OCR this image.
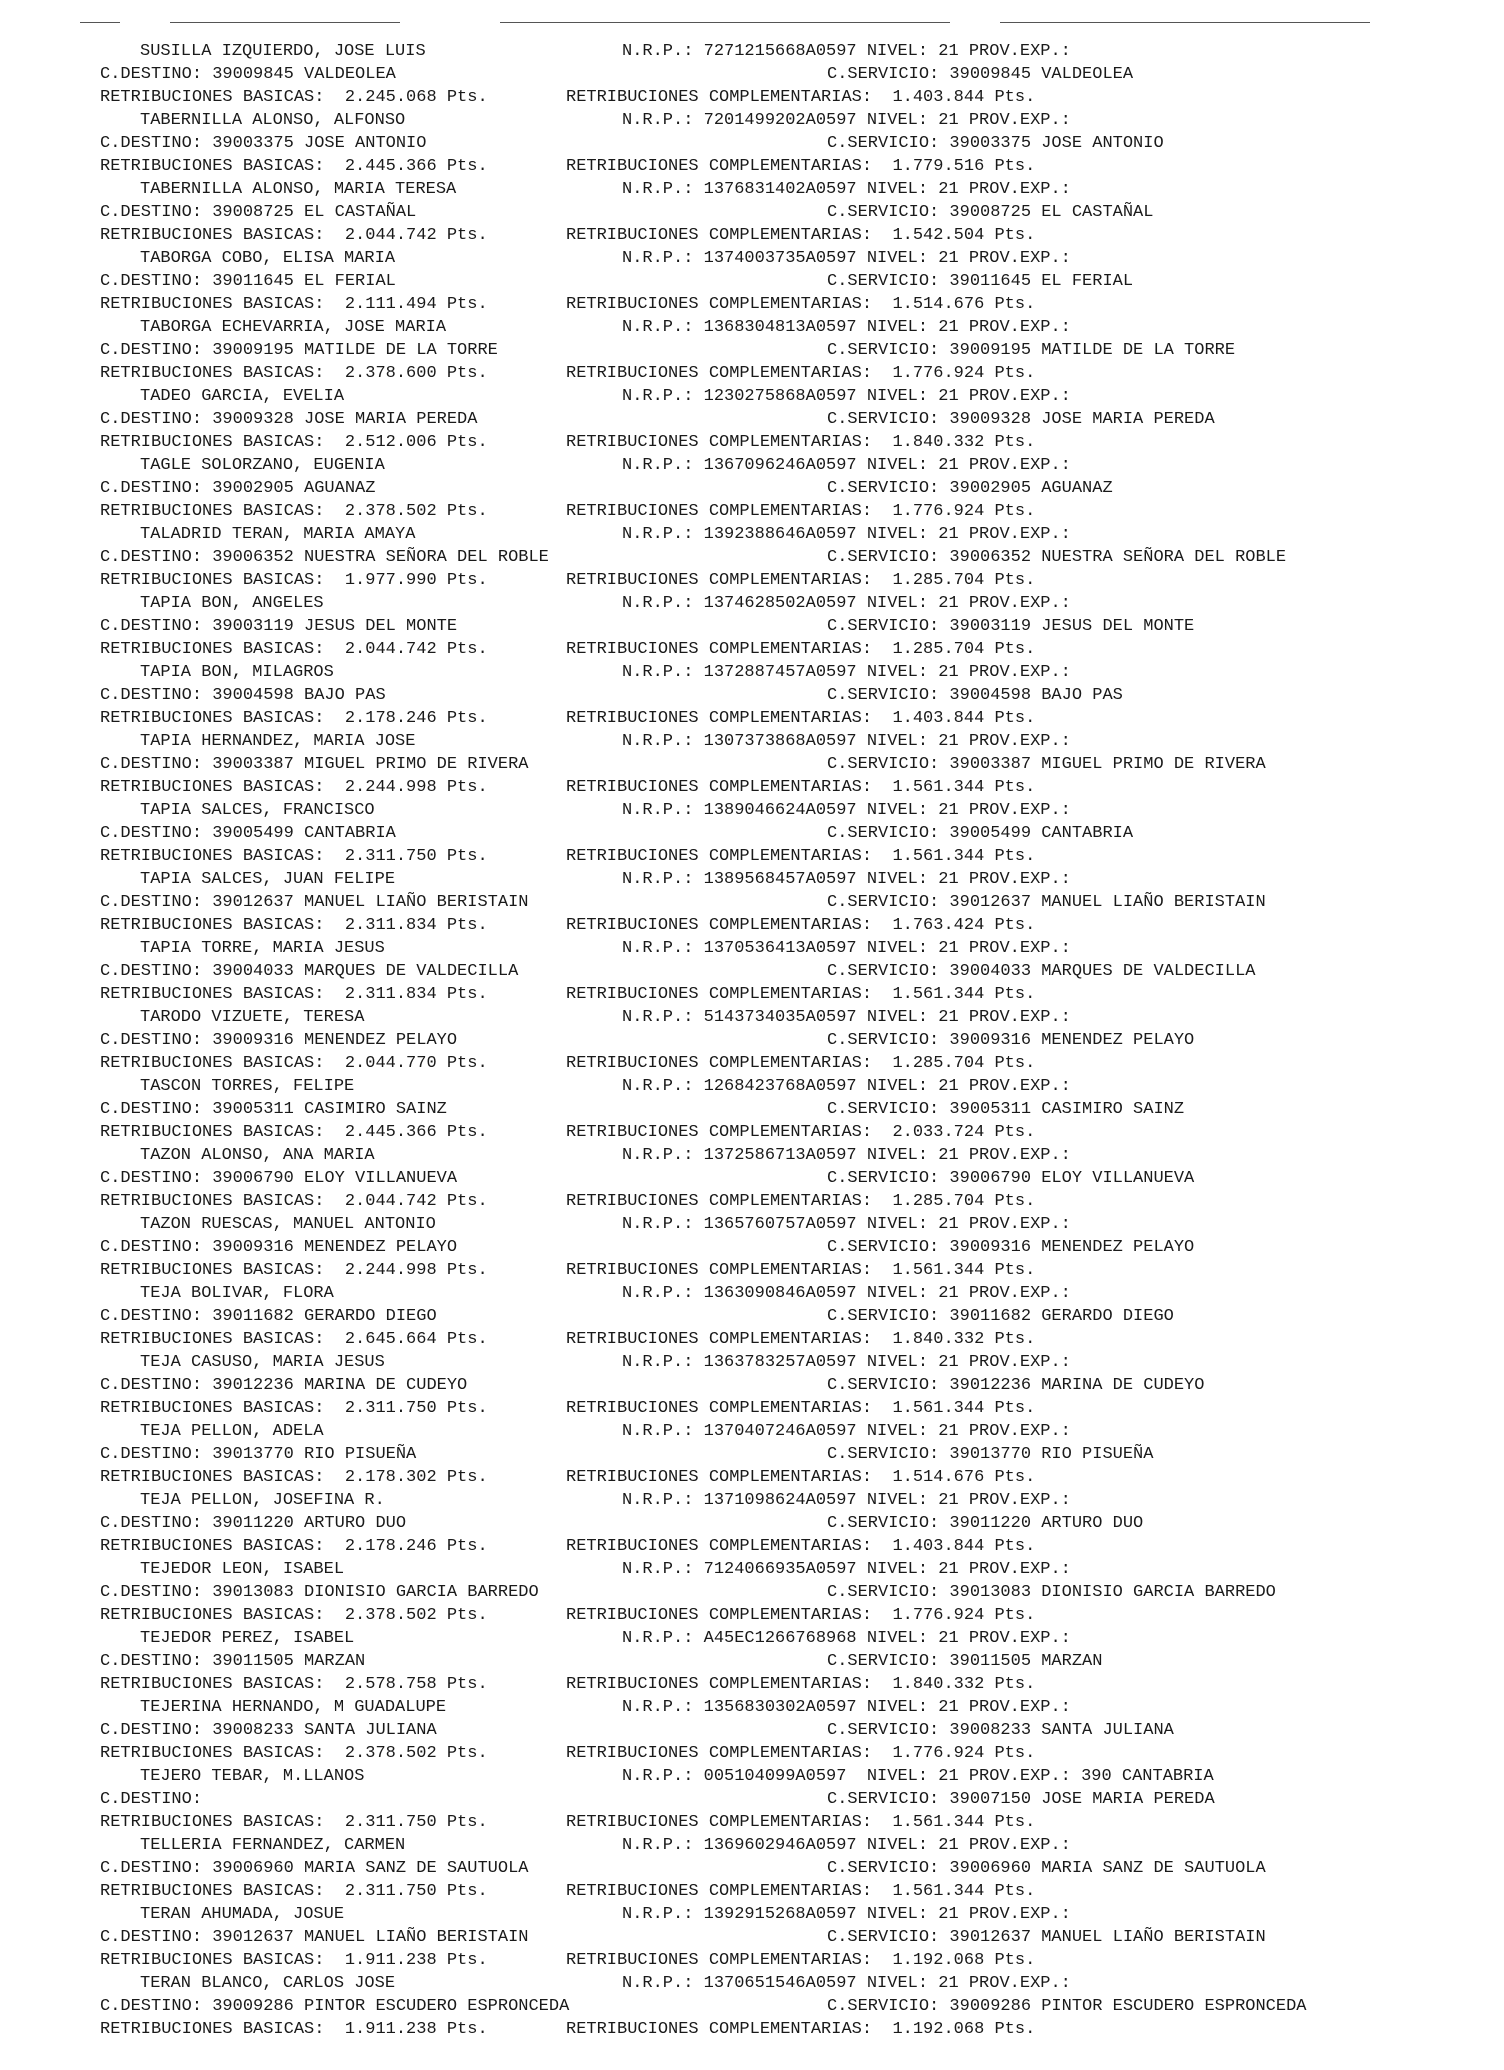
SUSILLA IZQUIERDO, JOSE LUIS	N.R.P.: 7271215668A0597 NIVEL: 21 PROV.EXP.:
C.DESTINO: 39009845 VALDEOLEA	C.SERVICIO: 39009845 VALDEOLEA
RETRIBUCIONES BASICAS:  2.245.068 Pts.	RETRIBUCIONES COMPLEMENTARIAS:  1.403.844 Pts.
TABERNILLA ALONSO, ALFONSO	N.R.P.: 7201499202A0597 NIVEL: 21 PROV.EXP.:
C.DESTINO: 39003375 JOSE ANTONIO	C.SERVICIO: 39003375 JOSE ANTONIO
RETRIBUCIONES BASICAS:  2.445.366 Pts.	RETRIBUCIONES COMPLEMENTARIAS:  1.779.516 Pts.
TABERNILLA ALONSO, MARIA TERESA	N.R.P.: 1376831402A0597 NIVEL: 21 PROV.EXP.:
C.DESTINO: 39008725 EL CASTAÑAL	C.SERVICIO: 39008725 EL CASTAÑAL
RETRIBUCIONES BASICAS:  2.044.742 Pts.	RETRIBUCIONES COMPLEMENTARIAS:  1.542.504 Pts.
TABORGA COBO, ELISA MARIA	N.R.P.: 1374003735A0597 NIVEL: 21 PROV.EXP.:
C.DESTINO: 39011645 EL FERIAL	C.SERVICIO: 39011645 EL FERIAL
RETRIBUCIONES BASICAS:  2.111.494 Pts.	RETRIBUCIONES COMPLEMENTARIAS:  1.514.676 Pts.
TABORGA ECHEVARRIA, JOSE MARIA	N.R.P.: 1368304813A0597 NIVEL: 21 PROV.EXP.:
C.DESTINO: 39009195 MATILDE DE LA TORRE	C.SERVICIO: 39009195 MATILDE DE LA TORRE
RETRIBUCIONES BASICAS:  2.378.600 Pts.	RETRIBUCIONES COMPLEMENTARIAS:  1.776.924 Pts.
TADEO GARCIA, EVELIA	N.R.P.: 1230275868A0597 NIVEL: 21 PROV.EXP.:
C.DESTINO: 39009328 JOSE MARIA PEREDA	C.SERVICIO: 39009328 JOSE MARIA PEREDA
RETRIBUCIONES BASICAS:  2.512.006 Pts.	RETRIBUCIONES COMPLEMENTARIAS:  1.840.332 Pts.
TAGLE SOLORZANO, EUGENIA	N.R.P.: 1367096246A0597 NIVEL: 21 PROV.EXP.:
C.DESTINO: 39002905 AGUANAZ	C.SERVICIO: 39002905 AGUANAZ
RETRIBUCIONES BASICAS:  2.378.502 Pts.	RETRIBUCIONES COMPLEMENTARIAS:  1.776.924 Pts.
TALADRID TERAN, MARIA AMAYA	N.R.P.: 1392388646A0597 NIVEL: 21 PROV.EXP.:
C.DESTINO: 39006352 NUESTRA SEÑORA DEL ROBLE	C.SERVICIO: 39006352 NUESTRA SEÑORA DEL ROBLE
RETRIBUCIONES BASICAS:  1.977.990 Pts.	RETRIBUCIONES COMPLEMENTARIAS:  1.285.704 Pts.
TAPIA BON, ANGELES	N.R.P.: 1374628502A0597 NIVEL: 21 PROV.EXP.:
C.DESTINO: 39003119 JESUS DEL MONTE	C.SERVICIO: 39003119 JESUS DEL MONTE
RETRIBUCIONES BASICAS:  2.044.742 Pts.	RETRIBUCIONES COMPLEMENTARIAS:  1.285.704 Pts.
TAPIA BON, MILAGROS	N.R.P.: 1372887457A0597 NIVEL: 21 PROV.EXP.:
C.DESTINO: 39004598 BAJO PAS	C.SERVICIO: 39004598 BAJO PAS
RETRIBUCIONES BASICAS:  2.178.246 Pts.	RETRIBUCIONES COMPLEMENTARIAS:  1.403.844 Pts.
TAPIA HERNANDEZ, MARIA JOSE	N.R.P.: 1307373868A0597 NIVEL: 21 PROV.EXP.:
C.DESTINO: 39003387 MIGUEL PRIMO DE RIVERA	C.SERVICIO: 39003387 MIGUEL PRIMO DE RIVERA
RETRIBUCIONES BASICAS:  2.244.998 Pts.	RETRIBUCIONES COMPLEMENTARIAS:  1.561.344 Pts.
TAPIA SALCES, FRANCISCO	N.R.P.: 1389046624A0597 NIVEL: 21 PROV.EXP.:
C.DESTINO: 39005499 CANTABRIA	C.SERVICIO: 39005499 CANTABRIA
RETRIBUCIONES BASICAS:  2.311.750 Pts.	RETRIBUCIONES COMPLEMENTARIAS:  1.561.344 Pts.
TAPIA SALCES, JUAN FELIPE	N.R.P.: 1389568457A0597 NIVEL: 21 PROV.EXP.:
C.DESTINO: 39012637 MANUEL LIAÑO BERISTAIN	C.SERVICIO: 39012637 MANUEL LIAÑO BERISTAIN
RETRIBUCIONES BASICAS:  2.311.834 Pts.	RETRIBUCIONES COMPLEMENTARIAS:  1.763.424 Pts.
TAPIA TORRE, MARIA JESUS	N.R.P.: 1370536413A0597 NIVEL: 21 PROV.EXP.:
C.DESTINO: 39004033 MARQUES DE VALDECILLA	C.SERVICIO: 39004033 MARQUES DE VALDECILLA
RETRIBUCIONES BASICAS:  2.311.834 Pts.	RETRIBUCIONES COMPLEMENTARIAS:  1.561.344 Pts.
TARODO VIZUETE, TERESA	N.R.P.: 5143734035A0597 NIVEL: 21 PROV.EXP.:
C.DESTINO: 39009316 MENENDEZ PELAYO	C.SERVICIO: 39009316 MENENDEZ PELAYO
RETRIBUCIONES BASICAS:  2.044.770 Pts.	RETRIBUCIONES COMPLEMENTARIAS:  1.285.704 Pts.
TASCON TORRES, FELIPE	N.R.P.: 1268423768A0597 NIVEL: 21 PROV.EXP.:
C.DESTINO: 39005311 CASIMIRO SAINZ	C.SERVICIO: 39005311 CASIMIRO SAINZ
RETRIBUCIONES BASICAS:  2.445.366 Pts.	RETRIBUCIONES COMPLEMENTARIAS:  2.033.724 Pts.
TAZON ALONSO, ANA MARIA	N.R.P.: 1372586713A0597 NIVEL: 21 PROV.EXP.:
C.DESTINO: 39006790 ELOY VILLANUEVA	C.SERVICIO: 39006790 ELOY VILLANUEVA
RETRIBUCIONES BASICAS:  2.044.742 Pts.	RETRIBUCIONES COMPLEMENTARIAS:  1.285.704 Pts.
TAZON RUESCAS, MANUEL ANTONIO	N.R.P.: 1365760757A0597 NIVEL: 21 PROV.EXP.:
C.DESTINO: 39009316 MENENDEZ PELAYO	C.SERVICIO: 39009316 MENENDEZ PELAYO
RETRIBUCIONES BASICAS:  2.244.998 Pts.	RETRIBUCIONES COMPLEMENTARIAS:  1.561.344 Pts.
TEJA BOLIVAR, FLORA	N.R.P.: 1363090846A0597 NIVEL: 21 PROV.EXP.:
C.DESTINO: 39011682 GERARDO DIEGO	C.SERVICIO: 39011682 GERARDO DIEGO
RETRIBUCIONES BASICAS:  2.645.664 Pts.	RETRIBUCIONES COMPLEMENTARIAS:  1.840.332 Pts.
TEJA CASUSO, MARIA JESUS	N.R.P.: 1363783257A0597 NIVEL: 21 PROV.EXP.:
C.DESTINO: 39012236 MARINA DE CUDEYO	C.SERVICIO: 39012236 MARINA DE CUDEYO
RETRIBUCIONES BASICAS:  2.311.750 Pts.	RETRIBUCIONES COMPLEMENTARIAS:  1.561.344 Pts.
TEJA PELLON, ADELA	N.R.P.: 1370407246A0597 NIVEL: 21 PROV.EXP.:
C.DESTINO: 39013770 RIO PISUEÑA	C.SERVICIO: 39013770 RIO PISUEÑA
RETRIBUCIONES BASICAS:  2.178.302 Pts.	RETRIBUCIONES COMPLEMENTARIAS:  1.514.676 Pts.
TEJA PELLON, JOSEFINA R.	N.R.P.: 1371098624A0597 NIVEL: 21 PROV.EXP.:
C.DESTINO: 39011220 ARTURO DUO	C.SERVICIO: 39011220 ARTURO DUO
RETRIBUCIONES BASICAS:  2.178.246 Pts.	RETRIBUCIONES COMPLEMENTARIAS:  1.403.844 Pts.
TEJEDOR LEON, ISABEL	N.R.P.: 7124066935A0597 NIVEL: 21 PROV.EXP.:
C.DESTINO: 39013083 DIONISIO GARCIA BARREDO	C.SERVICIO: 39013083 DIONISIO GARCIA BARREDO
RETRIBUCIONES BASICAS:  2.378.502 Pts.	RETRIBUCIONES COMPLEMENTARIAS:  1.776.924 Pts.
TEJEDOR PEREZ, ISABEL	N.R.P.: A45EC1266768968 NIVEL: 21 PROV.EXP.:
C.DESTINO: 39011505 MARZAN	C.SERVICIO: 39011505 MARZAN
RETRIBUCIONES BASICAS:  2.578.758 Pts.	RETRIBUCIONES COMPLEMENTARIAS:  1.840.332 Pts.
TEJERINA HERNANDO, M GUADALUPE	N.R.P.: 1356830302A0597 NIVEL: 21 PROV.EXP.:
C.DESTINO: 39008233 SANTA JULIANA	C.SERVICIO: 39008233 SANTA JULIANA
RETRIBUCIONES BASICAS:  2.378.502 Pts.	RETRIBUCIONES COMPLEMENTARIAS:  1.776.924 Pts.
TEJERO TEBAR, M.LLANOS	N.R.P.: 005104099A0597  NIVEL: 21 PROV.EXP.: 390 CANTABRIA
C.DESTINO:	C.SERVICIO: 39007150 JOSE MARIA PEREDA
RETRIBUCIONES BASICAS:  2.311.750 Pts.	RETRIBUCIONES COMPLEMENTARIAS:  1.561.344 Pts.
TELLERIA FERNANDEZ, CARMEN	N.R.P.: 1369602946A0597 NIVEL: 21 PROV.EXP.:
C.DESTINO: 39006960 MARIA SANZ DE SAUTUOLA	C.SERVICIO: 39006960 MARIA SANZ DE SAUTUOLA
RETRIBUCIONES BASICAS:  2.311.750 Pts.	RETRIBUCIONES COMPLEMENTARIAS:  1.561.344 Pts.
TERAN AHUMADA, JOSUE	N.R.P.: 1392915268A0597 NIVEL: 21 PROV.EXP.:
C.DESTINO: 39012637 MANUEL LIAÑO BERISTAIN	C.SERVICIO: 39012637 MANUEL LIAÑO BERISTAIN
RETRIBUCIONES BASICAS:  1.911.238 Pts.	RETRIBUCIONES COMPLEMENTARIAS:  1.192.068 Pts.
TERAN BLANCO, CARLOS JOSE	N.R.P.: 1370651546A0597 NIVEL: 21 PROV.EXP.:
C.DESTINO: 39009286 PINTOR ESCUDERO ESPRONCEDA	C.SERVICIO: 39009286 PINTOR ESCUDERO ESPRONCEDA
RETRIBUCIONES BASICAS:  1.911.238 Pts.	RETRIBUCIONES COMPLEMENTARIAS:  1.192.068 Pts.
